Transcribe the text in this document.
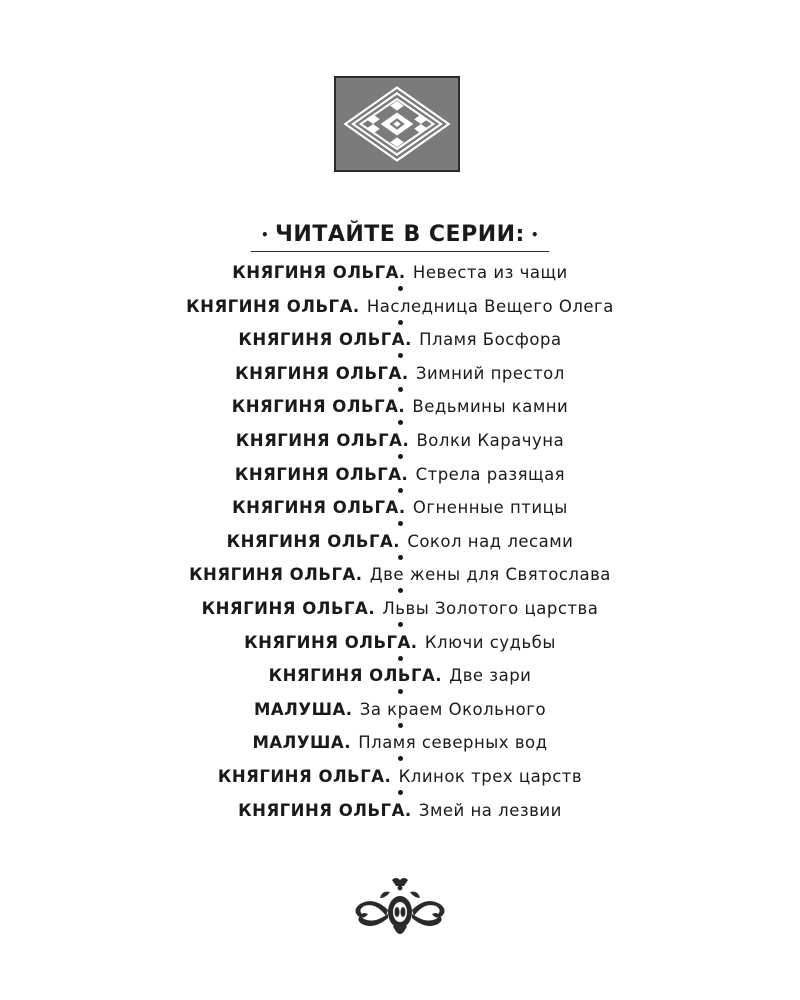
• ЧИТАЙТЕ В СЕРИИ: •
КНЯГИНЯ ОЛЬГА. Невеста из чащи
КНЯГИНЯ ОЛЬГА. Наследница Вещего Олега
КНЯГИНЯ ОЛЬГА. Пламя Босфора
КНЯГИНЯ ОЛЬГА. Зимний престол
КНЯГИНЯ ОЛЬГА. Ведьмины камни
КНЯГИНЯ ОЛЬГА. Волки Карачуна
КНЯГИНЯ ОЛЬГА. Стрела разящая
КНЯГИНЯ ОЛЬГА. Огненные птицы
КНЯГИНЯ ОЛЬГА. Сокол над лесами
КНЯГИНЯ ОЛЬГА. Две жены для Святослава
КНЯГИНЯ ОЛЬГА. Львы Золотого царства
КНЯГИНЯ ОЛЬГА. Ключи судьбы
КНЯГИНЯ ОЛЬГА. Две зари
МАЛУША. За краем Окольного
МАЛУША. Пламя северных вод
КНЯГИНЯ ОЛЬГА. Клинок трех царств
КНЯГИНЯ ОЛЬГА. Змей на лезвии
